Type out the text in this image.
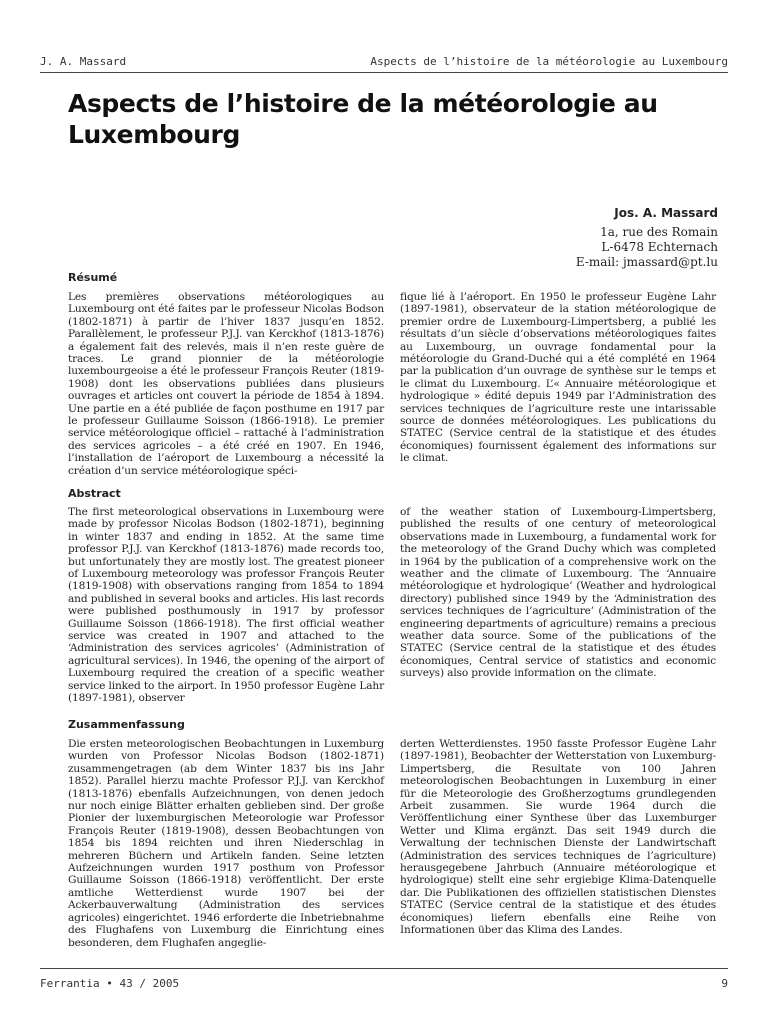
J. A. Massard	Aspects de l’histoire de la météorologie au Luxembourg
Aspects de l’histoire de la météorologie au Luxembourg
Jos. A. Massard
1a, rue des Romain
L-6478 Echternach
E-mail: jmassard@pt.lu
Résumé

Les premières observations météorologiques au Luxembourg ont été faites par le professeur Nicolas Bodson (1802-1871) à partir de l’hiver 1837 jusqu’en 1852. Parallèlement, le professeur P.J.J. van Kerckhof (1813-1876) a également fait des relevés, mais il n’en reste guère de traces. Le grand pionnier de la météorologie luxembourgeoise a été le professeur François Reuter (1819-1908) dont les observations publiées dans plusieurs ouvrages et articles ont couvert la période de 1854 à 1894. Une partie en a été publiée de façon posthume en 1917 par le professeur Guillaume Soisson (1866-1918). Le premier service météorologique officiel – rattaché à l’administration des services agricoles – a été créé en 1907. En 1946, l’installation de l’aéroport de Luxembourg a nécessité la création d’un service météorologique spéci-

fique lié à l’aéroport. En 1950 le professeur Eugène Lahr (1897-1981), observateur de la station météorologique de premier ordre de Luxembourg-Limpertsberg, a publié les résultats d’un siècle d’observations météorologiques faites au Luxembourg, un ouvrage fondamental pour la météorologie du Grand-Duché qui a été complété en 1964 par la publication d’un ouvrage de synthèse sur le temps et le climat du Luxembourg. L’« Annuaire météorologique et hydrologique » édité depuis 1949 par l’Administration des services techniques de l’agriculture reste une intarissable source de données météorologiques. Les publications du STATEC (Service central de la statistique et des études économiques) fournissent également des informations sur le climat.

Abstract

The first meteorological observations in Luxembourg were made by professor Nicolas Bodson (1802-1871), beginning in winter 1837 and ending in 1852. At the same time professor P.J.J. van Kerckhof (1813-1876) made records too, but unfortunately they are mostly lost. The greatest pioneer of Luxembourg meteorology was professor François Reuter (1819-1908) with observations ranging from 1854 to 1894 and published in several books and articles. His last records were published posthumously in 1917 by professor Guillaume Soisson (1866-1918). The first official weather service was created in 1907 and attached to the ‘Administration des services agricoles’ (Administration of agricultural services). In 1946, the opening of the airport of Luxembourg required the creation of a specific weather service linked to the airport. In 1950 professor Eugène Lahr (1897-1981), observer

of the weather station of Luxembourg-Limpertsberg, published the results of one century of meteorological observations made in Luxembourg, a fundamental work for the meteorology of the Grand Duchy which was completed in 1964 by the publication of a comprehensive work on the weather and the climate of Luxembourg. The ‘Annuaire météorologique et hydrologique’ (Weather and hydrological directory) published since 1949 by the ‘Administration des services techniques de l’agriculture’ (Administration of the engineering departments of agriculture) remains a precious weather data source. Some of the publications of the STATEC (Service central de la statistique et des études économiques, Central service of statistics and economic surveys) also provide information on the climate.

Zusammenfassung

Die ersten meteorologischen Beobachtungen in Luxemburg wurden von Professor Nicolas Bodson (1802-1871) zusammengetragen (ab dem Winter 1837 bis ins Jahr 1852). Parallel hierzu machte Professor P.J.J. van Kerckhof (1813-1876) ebenfalls Aufzeichnungen, von denen jedoch nur noch einige Blätter erhalten geblieben sind. Der große Pionier der luxemburgischen Meteorologie war Professor François Reuter (1819-1908), dessen Beobachtungen von 1854 bis 1894 reichten und ihren Niederschlag in mehreren Büchern und Artikeln fanden. Seine letzten Aufzeichnungen wurden 1917 posthum von Professor Guillaume Soisson (1866-1918) veröffentlicht. Der erste amtliche Wetterdienst wurde 1907 bei der Ackerbauverwaltung (Administration des services agricoles) eingerichtet. 1946 erforderte die Inbetriebnahme des Flughafens von Luxemburg die Einrichtung eines besonderen, dem Flughafen angeglie-

derten Wetterdienstes. 1950 fasste Professor Eugène Lahr (1897-1981), Beobachter der Wetterstation von Luxemburg-Limpertsberg, die Resultate von 100 Jahren meteorologischen Beobachtungen in Luxemburg in einer für die Meteorologie des Großherzogtums grundlegenden Arbeit zusammen. Sie wurde 1964 durch die Veröffentlichung einer Synthese über das Luxemburger Wetter und Klima ergänzt. Das seit 1949 durch die Verwaltung der technischen Dienste der Landwirtschaft (Administration des services techniques de l’agriculture) herausgegebene Jahrbuch (Annuaire météorologique et hydrologique) stellt eine sehr ergiebige Klima-Datenquelle dar. Die Publikationen des offiziellen statistischen Dienstes STATEC (Service central de la statistique et des études économiques) liefern ebenfalls eine Reihe von Informationen über das Klima des Landes.

Ferrantia • 43 / 2005	9
